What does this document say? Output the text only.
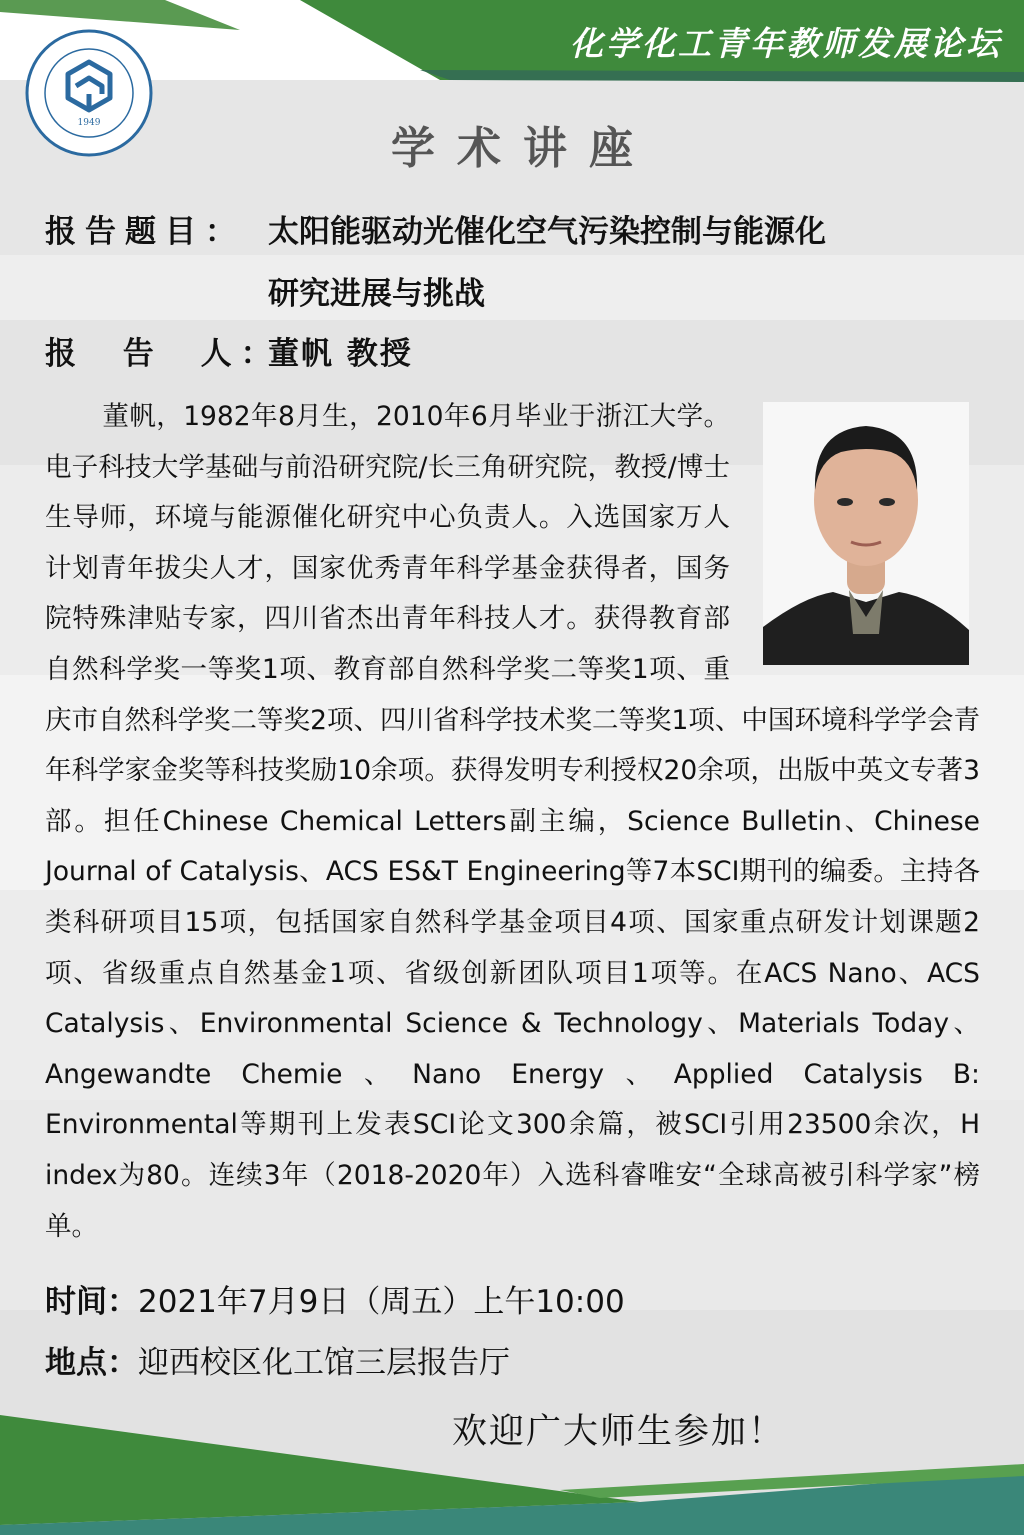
化学化工青年教师发展论坛
1949	学术讲座
报告题目： 太阳能驱动光催化空气污染控制与能源化
研究进展与挑战
报 告 人：
董帆 教授
董帆，1982年8月生，2010年6月毕业于浙江大学。电子科技大学基础与前沿研究院/长三角研究院，教授/博士生导师，环境与能源催化研究中心负责人。入选国家万人计划青年拔尖人才，国家优秀青年科学基金获得者，国务院特殊津贴专家，四川省杰出青年科技人才。获得教育部自然科学奖一等奖1项、教育部自然科学奖二等奖1项、重庆市自然科学奖二等奖2项、四川省科学技术奖二等奖1项、中国环境科学学会青年科学家金奖等科技奖励10余项。获得发明专利授权20余项，出版中英文专著3部。担任Chinese Chemical Letters副主编，Science Bulletin、Chinese Journal of Catalysis、ACS ES&T Engineering等7本SCI期刊的编委。主持各类科研项目15项，包括国家自然科学基金项目4项、国家重点研发计划课题2项、省级重点自然基金1项、省级创新团队项目1项等。在ACS Nano、ACS Catalysis、Environmental Science & Technology、Materials Today、Angewandte Chemie、Nano Energy、Applied Catalysis B: Environmental等期刊上发表SCI论文300余篇，被SCI引用23500余次，H index为80。连续3年（2018-2020年）入选科睿唯安“全球高被引科学家”榜单。
时间：2021年7月9日（周五）上午10:00
地点：迎西校区化工馆三层报告厅
欢迎广大师生参加！
